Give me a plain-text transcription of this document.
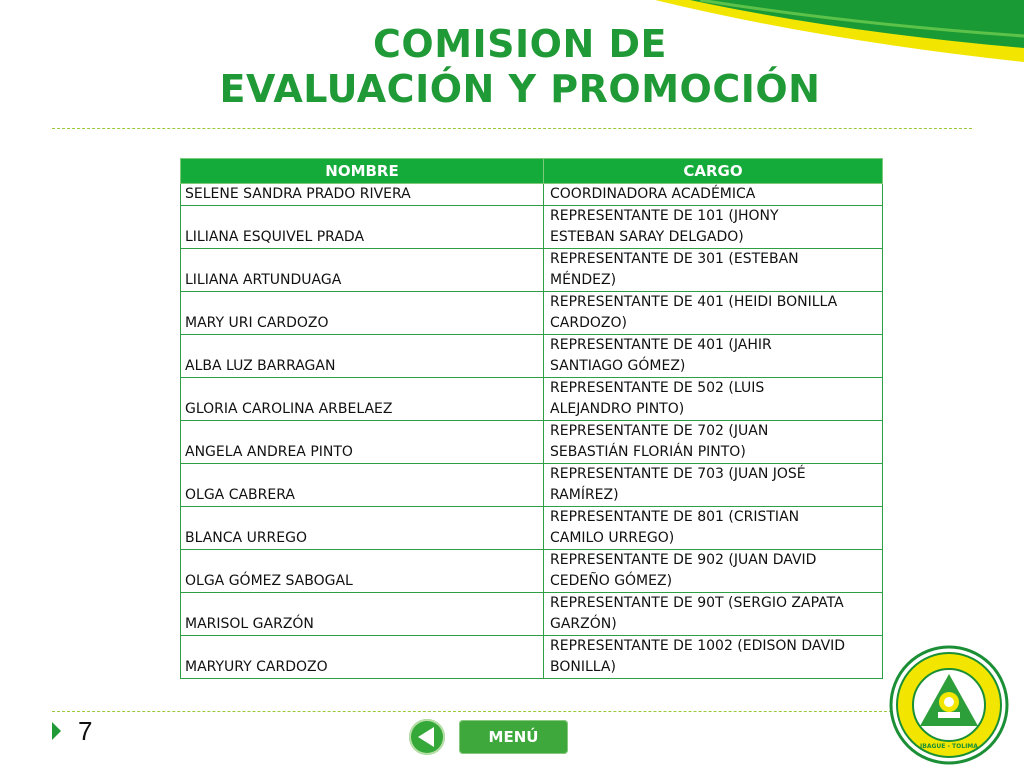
COMISION DE
EVALUACIÓN Y PROMOCIÓN
NOMBRE	CARGO
SELENE SANDRA PRADO RIVERA	COORDINADORA ACADÉMICA

LILIANA ESQUIVEL PRADA	REPRESENTANTE DE 101 (JHONY
ESTEBAN SARAY DELGADO)

LILIANA ARTUNDUAGA	REPRESENTANTE DE 301 (ESTEBAN
MÉNDEZ)

MARY URI CARDOZO	REPRESENTANTE DE 401 (HEIDI BONILLA
CARDOZO)

ALBA LUZ BARRAGAN	REPRESENTANTE DE 401 (JAHIR
SANTIAGO GÓMEZ)

GLORIA CAROLINA ARBELAEZ	REPRESENTANTE DE 502 (LUIS
ALEJANDRO PINTO)

ANGELA ANDREA PINTO	REPRESENTANTE DE 702 (JUAN
SEBASTIÁN FLORIÁN PINTO)

OLGA CABRERA	REPRESENTANTE DE 703 (JUAN JOSÉ
RAMÍREZ)

BLANCA URREGO	REPRESENTANTE DE 801 (CRISTIAN
CAMILO URREGO)

OLGA GÓMEZ SABOGAL	REPRESENTANTE DE 902 (JUAN DAVID
CEDEÑO GÓMEZ)

MARISOL GARZÓN	REPRESENTANTE DE 90T (SERGIO ZAPATA
GARZÓN)

MARYURY CARDOZO	REPRESENTANTE DE 1002 (EDISON DAVID
BONILLA)
7	MENÚ
IBAGUE - TOLIMA
